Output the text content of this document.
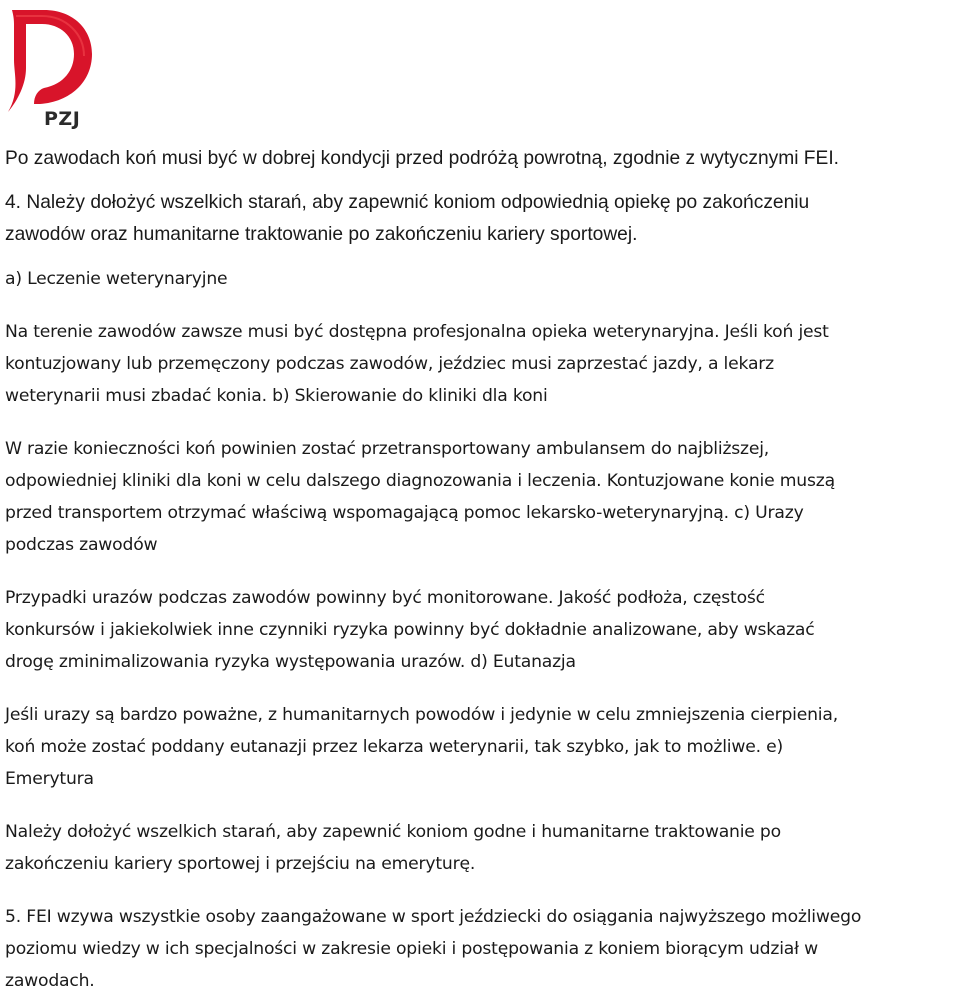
PZJ

Po zawodach koń musi być w dobrej kondycji przed podróżą powrotną, zgodnie z wytycznymi FEI.

4. Należy dołożyć wszelkich starań, aby zapewnić koniom odpowiednią opiekę po zakończeniu

zawodów oraz humanitarne traktowanie po zakończeniu kariery sportowej.

a) Leczenie weterynaryjne

Na terenie zawodów zawsze musi być dostępna profesjonalna opieka weterynaryjna. Jeśli koń jest

kontuzjowany lub przemęczony podczas zawodów, jeździec musi zaprzestać jazdy, a lekarz

weterynarii musi zbadać konia. b) Skierowanie do kliniki dla koni

W razie konieczności koń powinien zostać przetransportowany ambulansem do najbliższej,

odpowiedniej kliniki dla koni w celu dalszego diagnozowania i leczenia. Kontuzjowane konie muszą

przed transportem otrzymać właściwą wspomagającą pomoc lekarsko-weterynaryjną. c) Urazy

podczas zawodów

Przypadki urazów podczas zawodów powinny być monitorowane. Jakość podłoża, częstość

konkursów i jakiekolwiek inne czynniki ryzyka powinny być dokładnie analizowane, aby wskazać

drogę zminimalizowania ryzyka występowania urazów. d) Eutanazja

Jeśli urazy są bardzo poważne, z humanitarnych powodów i jedynie w celu zmniejszenia cierpienia,

koń może zostać poddany eutanazji przez lekarza weterynarii, tak szybko, jak to możliwe. e)

Emerytura

Należy dołożyć wszelkich starań, aby zapewnić koniom godne i humanitarne traktowanie po

zakończeniu kariery sportowej i przejściu na emeryturę.

5. FEI wzywa wszystkie osoby zaangażowane w sport jeździecki do osiągania najwyższego możliwego

poziomu wiedzy w ich specjalności w zakresie opieki i postępowania z koniem biorącym udział w

zawodach.
